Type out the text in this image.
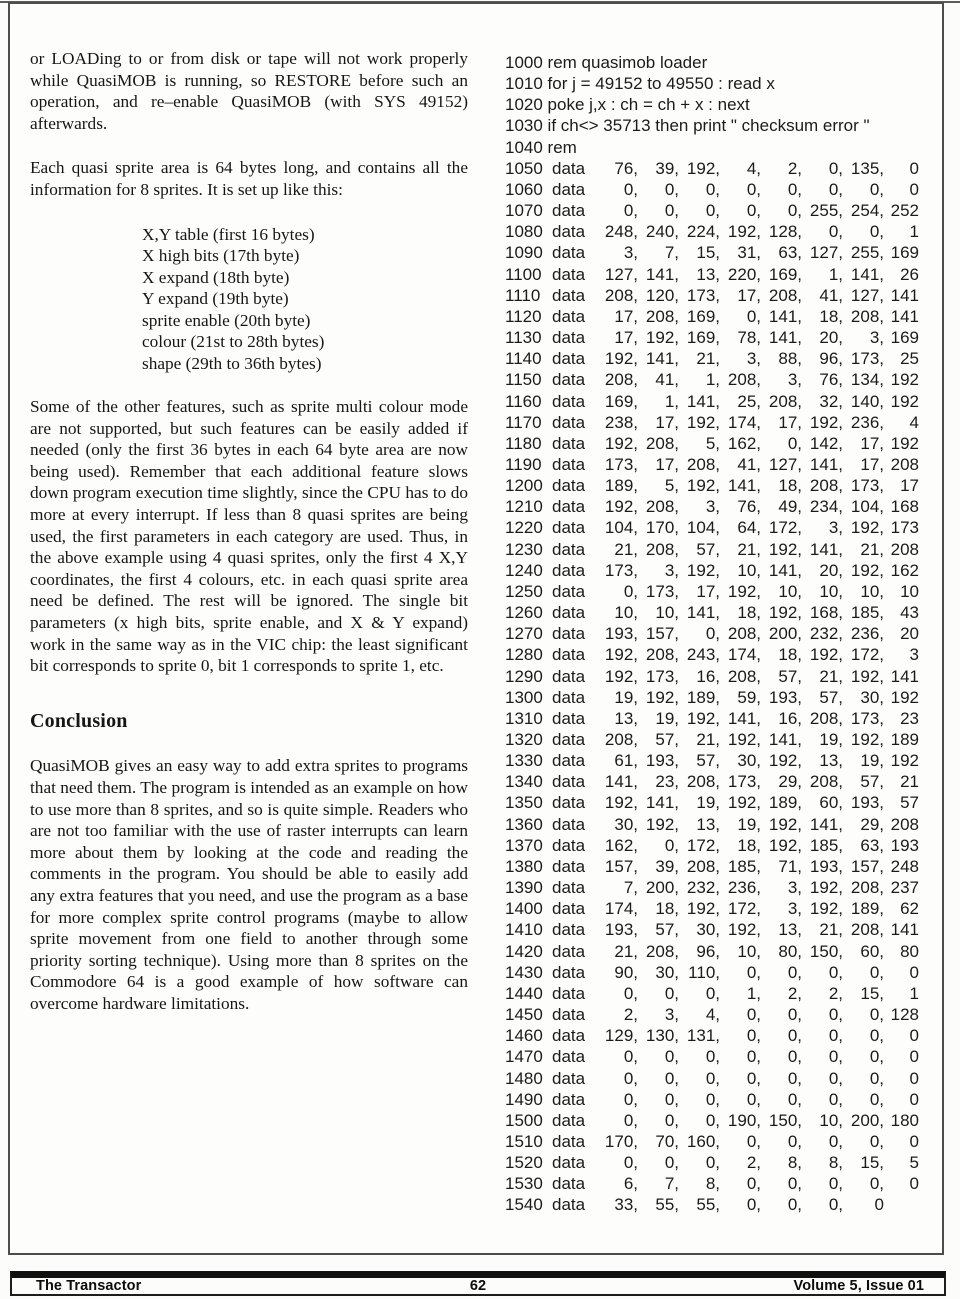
or LOADing to or from disk or tape will not work properly while QuasiMOB is running, so RESTORE before such an operation, and re–enable QuasiMOB (with SYS 49152) afterwards.

Each quasi sprite area is 64 bytes long, and contains all the information for 8 sprites. It is set up like this:

X,Y table (first 16 bytes)
X high bits (17th byte)
X expand (18th byte)
Y expand (19th byte)
sprite enable (20th byte)
colour (21st to 28th bytes)
shape (29th to 36th bytes)

Some of the other features, such as sprite multi colour mode are not supported, but such features can be easily added if needed (only the first 36 bytes in each 64 byte area are now being used). Remember that each additional feature slows down program execution time slightly, since the CPU has to do more at every interrupt. If less than 8 quasi sprites are being used, the first parameters in each category are used. Thus, in the above example using 4 quasi sprites, only the first 4 X,Y coordinates, the first 4 colours, etc. in each quasi sprite area need be defined. The rest will be ignored. The single bit parameters (x high bits, sprite enable, and X & Y expand) work in the same way as in the VIC chip: the least significant bit corresponds to sprite 0, bit 1 corresponds to sprite 1, etc.

Conclusion

QuasiMOB gives an easy way to add extra sprites to programs that need them. The program is intended as an example on how to use more than 8 sprites, and so is quite simple. Readers who are not too familiar with the use of raster interrupts can learn more about them by looking at the code and reading the comments in the program. You should be able to easily add any extra features that you need, and use the program as a base for more complex sprite control programs (maybe to allow sprite movement from one field to another through some priority sorting technique). Using more than 8 sprites on the Commodore 64 is a good example of how software can overcome hardware limitations.

1000 rem quasimob loader
1010 for j = 49152 to 49550 : read x
1020 poke j,x : ch = ch + x : next
1030 if ch<> 35713 then print " checksum error "
1040 rem
1050 data	76,	39, 192,	4,	2,	0, 135,	0
1060 data	0,	0,	0,	0,	0,	0,	0,	0
1070 data	0,	0,	0,	0,	0, 255, 254, 252
1080 data	248, 240, 224, 192, 128,	0,	0,	1
1090 data	3,	7,	15,	31,	63, 127, 255, 169
1100 data	127, 141,	13, 220, 169,	1, 141, 26
1110 data	208, 120, 173,	17, 208,	41, 127, 141
1120 data	17, 208, 169,	0, 141,	18, 208, 141
1130 data	17, 192, 169,	78, 141,	20,	3, 169
1140 data	192, 141,	21,	3,	88,	96, 173, 25
1150 data	208,	41,	1, 208,	3,	76, 134, 192
1160 data	169,	1, 141,	25, 208,	32, 140, 192
1170 data	238,	17, 192, 174,	17, 192, 236,	4
1180 data	192, 208,	5, 162,	0, 142,	17, 192
1190 data	173,	17, 208,	41, 127, 141,	17, 208
1200 data	189,	5, 192, 141,	18, 208, 173, 17
1210 data	192, 208,	3,	76,	49, 234, 104, 168
1220 data	104, 170, 104,	64, 172,	3, 192, 173
1230 data	21, 208,	57,	21, 192, 141,	21, 208
1240 data	173,	3, 192,	10, 141,	20, 192, 162
1250 data	0, 173,	17, 192,	10,	10,	10, 10
1260 data	10,	10, 141,	18, 192, 168, 185, 43
1270 data	193, 157,	0, 208, 200, 232, 236, 20
1280 data	192, 208, 243, 174,	18, 192, 172,	3
1290 data	192, 173,	16, 208,	57,	21, 192, 141
1300 data	19, 192, 189,	59, 193,	57,	30, 192
1310 data	13,	19, 192, 141,	16, 208, 173, 23
1320 data	208,	57,	21, 192, 141,	19, 192, 189
1330 data	61, 193,	57,	30, 192,	13,	19, 192
1340 data	141,	23, 208, 173,	29, 208,	57, 21
1350 data	192, 141,	19, 192, 189,	60, 193, 57
1360 data	30, 192,	13,	19, 192, 141,	29, 208
1370 data	162,	0, 172,	18, 192, 185,	63, 193
1380 data	157,	39, 208, 185,	71, 193, 157, 248
1390 data	7, 200, 232, 236,	3, 192, 208, 237
1400 data	174,	18, 192, 172,	3, 192, 189, 62
1410 data	193,	57,	30, 192,	13,	21, 208, 141
1420 data	21, 208,	96,	10,	80, 150,	60, 80
1430 data	90,	30, 110,	0,	0,	0,	0,	0
1440 data	0,	0,	0,	1,	2,	2,	15,	1
1450 data	2,	3,	4,	0,	0,	0,	0, 128
1460 data	129, 130, 131,	0,	0,	0,	0,	0
1470 data	0,	0,	0,	0,	0,	0,	0,	0
1480 data	0,	0,	0,	0,	0,	0,	0,	0
1490 data	0,	0,	0,	0,	0,	0,	0,	0
1500 data	0,	0,	0, 190, 150,	10, 200, 180
1510 data	170,	70, 160,	0,	0,	0,	0,	0
1520 data	0,	0,	0,	2,	8,	8,	15,	5
1530 data	6,	7,	8,	0,	0,	0,	0,	0
1540 data	33,	55,	55,	0,	0,	0,	0
The Transactor	62	Volume 5, Issue 01
